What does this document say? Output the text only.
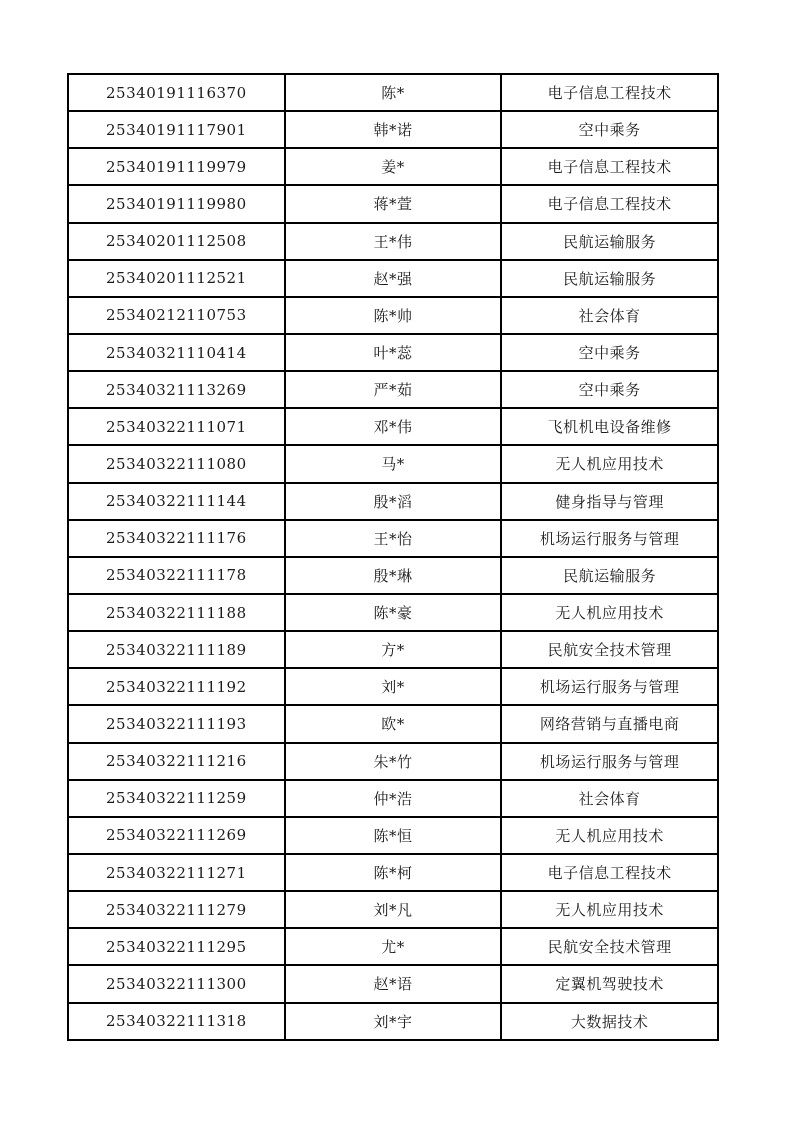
25340191116370	陈*	电子信息工程技术
25340191117901	韩*诺	空中乘务
25340191119979	姜*	电子信息工程技术
25340191119980	蒋*萱	电子信息工程技术
25340201112508	王*伟	民航运输服务
25340201112521	赵*强	民航运输服务
25340212110753	陈*帅	社会体育
25340321110414	叶*蕊	空中乘务
25340321113269	严*茹	空中乘务
25340322111071	邓*伟	飞机机电设备维修
25340322111080	马*	无人机应用技术
25340322111144	殷*滔	健身指导与管理
25340322111176	王*怡	机场运行服务与管理
25340322111178	殷*琳	民航运输服务
25340322111188	陈*豪	无人机应用技术
25340322111189	方*	民航安全技术管理
25340322111192	刘*	机场运行服务与管理
25340322111193	欧*	网络营销与直播电商
25340322111216	朱*竹	机场运行服务与管理
25340322111259	仲*浩	社会体育
25340322111269	陈*恒	无人机应用技术
25340322111271	陈*柯	电子信息工程技术
25340322111279	刘*凡	无人机应用技术
25340322111295	尤*	民航安全技术管理
25340322111300	赵*语	定翼机驾驶技术
25340322111318	刘*宇	大数据技术
